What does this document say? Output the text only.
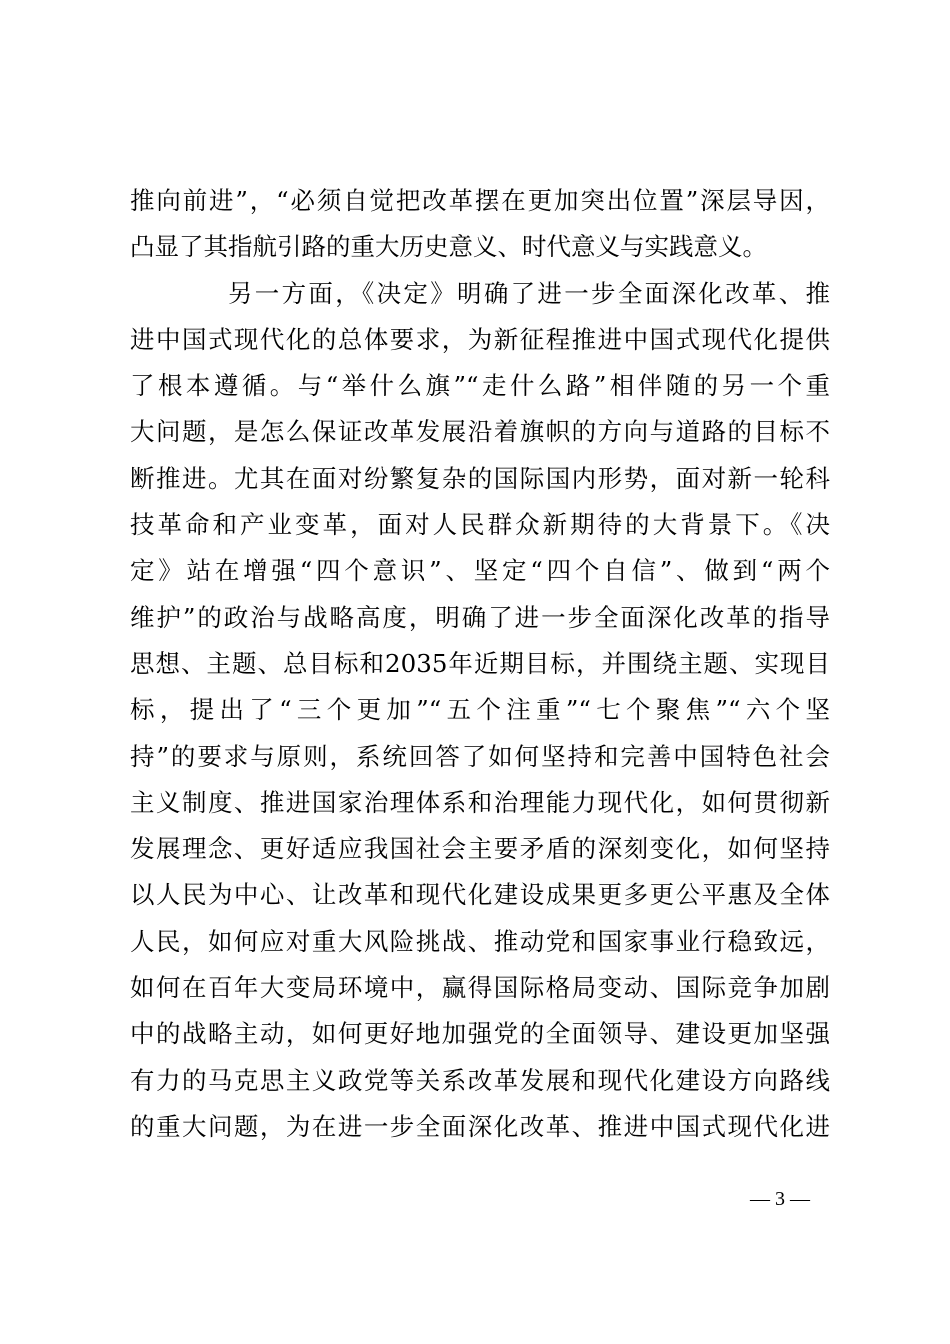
推向前进”，“必须自觉把改革摆在更加突出位置”深层导因，
凸显了其指航引路的重大历史意义、时代意义与实践意义。
另一方面，《决定》明确了进一步全面深化改革、推
进中国式现代化的总体要求，为新征程推进中国式现代化提供
了根本遵循。与“举什么旗”“走什么路”相伴随的另一个重
大问题，是怎么保证改革发展沿着旗帜的方向与道路的目标不
断推进。尤其在面对纷繁复杂的国际国内形势，面对新一轮科
技革命和产业变革，面对人民群众新期待的大背景下。《决
定》站在增强“四个意识”、坚定“四个自信”、做到“两个
维护”的政治与战略高度，明确了进一步全面深化改革的指导
思想、主题、总目标和2035年近期目标，并围绕主题、实现目
标，提出了“三个更加”“五个注重”“七个聚焦”“六个坚
持”的要求与原则，系统回答了如何坚持和完善中国特色社会
主义制度、推进国家治理体系和治理能力现代化，如何贯彻新
发展理念、更好适应我国社会主要矛盾的深刻变化，如何坚持
以人民为中心、让改革和现代化建设成果更多更公平惠及全体
人民，如何应对重大风险挑战、推动党和国家事业行稳致远，
如何在百年大变局环境中，赢得国际格局变动、国际竞争加剧
中的战略主动，如何更好地加强党的全面领导、建设更加坚强
有力的马克思主义政党等关系改革发展和现代化建设方向路线
的重大问题，为在进一步全面深化改革、推进中国式现代化进
— 3 —
